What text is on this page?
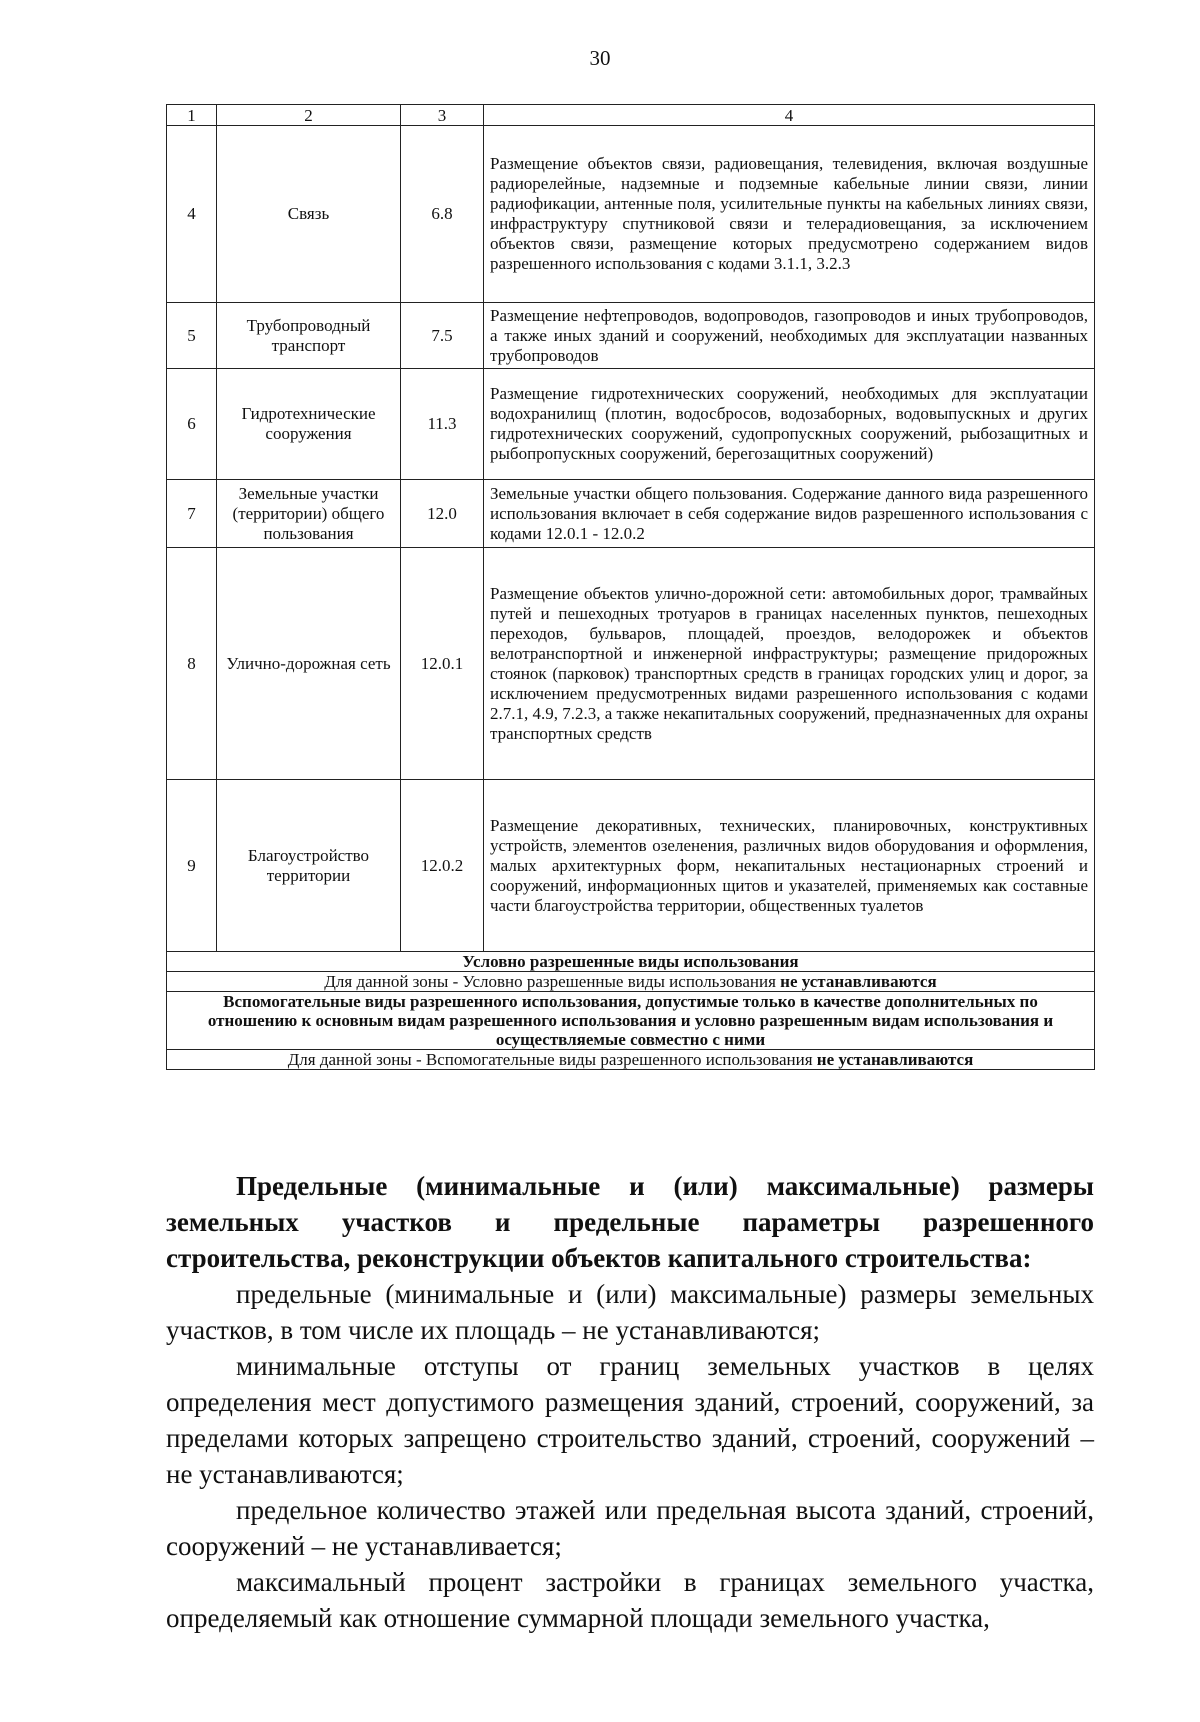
30
1	2	3	4
4	Связь	6.8	Размещение объектов связи, радиовещания, телевидения, включая воздушные радиорелейные, надземные и подземные кабельные линии связи, линии радиофикации, антенные поля, усилительные пункты на кабельных линиях связи, инфраструктуру спутниковой связи и телерадиовещания, за исключением объектов связи, размещение которых предусмотрено содержанием видов разрешенного использования с кодами 3.1.1, 3.2.3
5	Трубопроводный транспорт	7.5	Размещение нефтепроводов, водопроводов, газопроводов и иных трубопроводов, а также иных зданий и сооружений, необходимых для эксплуатации названных трубопроводов
6	Гидротехнические сооружения	11.3	Размещение гидротехнических сооружений, необходимых для эксплуатации водохранилищ (плотин, водосбросов, водозаборных, водовыпускных и других гидротехнических сооружений, судопропускных сооружений, рыбозащитных и рыбопропускных сооружений, берегозащитных сооружений)
7	Земельные участки (территории) общего пользования	12.0	Земельные участки общего пользования. Содержание данного вида разрешенного использования включает в себя содержание видов разрешенного использования с кодами 12.0.1 - 12.0.2
8	Улично-дорожная сеть	12.0.1	Размещение объектов улично-дорожной сети: автомобильных дорог, трамвайных путей и пешеходных тротуаров в границах населенных пунктов, пешеходных переходов, бульваров, площадей, проездов, велодорожек и объектов велотранспортной и инженерной инфраструктуры; размещение придорожных стоянок (парковок) транспортных средств в границах городских улиц и дорог, за исключением предусмотренных видами разрешенного использования с кодами 2.7.1, 4.9, 7.2.3, а также некапитальных сооружений, предназначенных для охраны транспортных средств
9	Благоустройство территории	12.0.2	Размещение декоративных, технических, планировочных, конструктивных устройств, элементов озеленения, различных видов оборудования и оформления, малых архитектурных форм, некапитальных нестационарных строений и сооружений, информационных щитов и указателей, применяемых как составные части благоустройства территории, общественных туалетов
Условно разрешенные виды использования			
Для данной зоны - Условно разрешенные виды использования не устанавливаются			
Вспомогательные виды разрешенного использования, допустимые только в качестве дополнительных по отношению к основным видам разрешенного использования и условно разрешенным видам использования и осуществляемые совместно с ними			
Для данной зоны - Вспомогательные виды разрешенного использования не устанавливаются			

Предельные (минимальные и (или) максимальные) размеры земельных участков и предельные параметры разрешенного строительства, реконструкции объектов капитального строительства:

предельные (минимальные и (или) максимальные) размеры земельных участков, в том числе их площадь – не устанавливаются;

минимальные отступы от границ земельных участков в целях определения мест допустимого размещения зданий, строений, сооружений, за пределами которых запрещено строительство зданий, строений, сооружений – не устанавливаются;

предельное количество этажей или предельная высота зданий, строений, сооружений – не устанавливается;

максимальный процент застройки в границах земельного участка, определяемый как отношение суммарной площади земельного участка,
